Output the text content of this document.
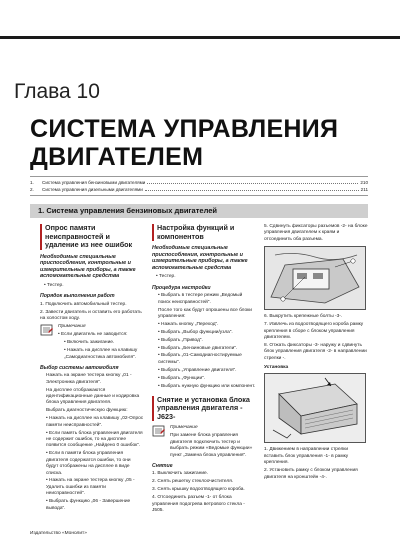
Глава 10
СИСТЕМА УПРАВЛЕНИЯ ДВИГАТЕЛЕМ
1.	Система управления бензиновыми двигателями	210
2.	Система управления дизельными двигателями	211
1. Система управления бензиновых двигателей
Опрос памяти неисправностей и удаление из нее ошибок
Необходимые специальные приспособления, контрольные и измерительные приборы, а также вспомогательные средства

• Тестер.

Порядок выполнения работ

1. Подключить автомобильный тестер.

2. Завести двигатель и оставить его работать на холостом ходу.

Примечания

• Если двигатель не заводится:

• Включить зажигание.

• Нажать на дисплее на клавишу „Самодиагностика автомобиля“.

Выбор системы автомобиля

Нажать на экране тестера кнопку „01 - Электроника двигателя“.

На дисплее отображаются идентификационные данные и кодировка блока управления двигателя.

Выбрать диагностическую функцию:

• Нажать на дисплее на клавишу „02-Опрос памяти неисправностей“.

• Если память блока управления двигателя не содержит ошибок, то на дисплее появится сообщение „Найдено 0 ошибок“.

• Если в памяти блока управления двигателя содержатся ошибки, то они будут отображены на дисплее в виде списка.

• Нажать на экране тестера кнопку „05 - Удалить ошибки из памяти неисправностей“.

• Выбрать функцию „06 - Завершение вывода“.

Настройка функций и компонентов
Необходимые специальные приспособления, контрольные и измерительные приборы, а также вспомогательные средства

• Тестер.

Процедура настройки

• Выбрать в тестере режим „Ведомый поиск неисправностей“.

После того как будут опрошены все блоки управления:

• Нажать кнопку „Переход“.

• Выбрать „Выбор функции/узла“.

• Выбрать „Привод“.

• Выбрать „Бензиновые двигатели“.

• Выбрать „01-Самодиагностируемые системы“.

• Выбрать „Управление двигателя“.

• Выбрать „Функции“.

• Выбрать нужную функцию или компонент.

Снятие и установка блока управления двигателя -J623-

Примечание

При замене блока управления двигателя подключить тестер и выбрать режим «Ведомые функции» пункт „Замена блока управления“.

Снятие

1. Выключить зажигание.

2. Снять решетку стеклоочистителя.

3. Снять крышку водоотводящего короба.

4. Отсоединить разъем -1- от блока управления подогрева ветрового стекла -J505.

5. Сдвинуть фиксаторы разъемов -2- на блоке управления двигателем к краям и отсоединить оба разъема.

6. Выкрутить крепежные болты -3-.

7. Извлечь из водоотводящего короба рамку крепления в сборе с блоком управления двигателем.

8. Отжать фиксаторы -3- наружу и сдвинуть блок управления двигателя -2- в направлении стрелки -.

Установка

1. Движением в направлении стрелки вставить блок управления -1- в рамку крепления.

2. Установить рамку с блоком управления двигателя на кронштейн -4-.

Издательство «Монолит»
